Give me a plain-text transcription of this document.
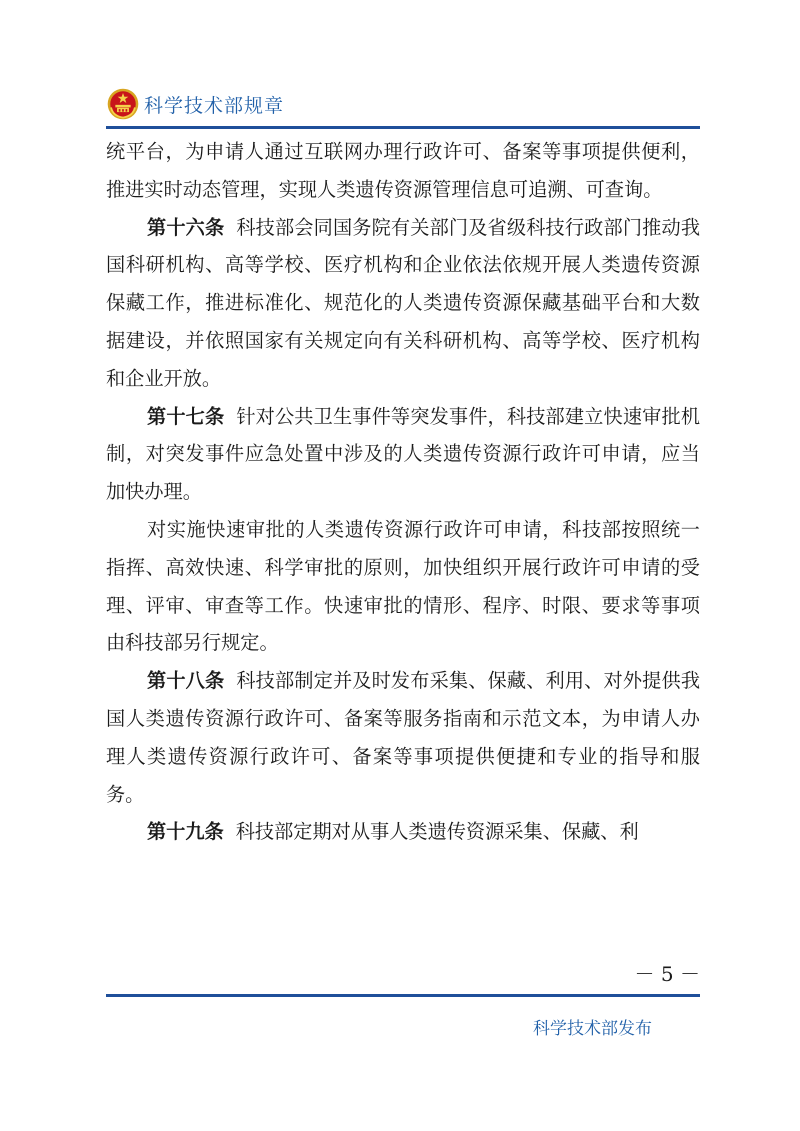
科学技术部规章

统平台，为申请人通过互联网办理行政许可、备案等事项提供便利，推进实时动态管理，实现人类遗传资源管理信息可追溯、可查询。

第十六条 科技部会同国务院有关部门及省级科技行政部门推动我国科研机构、高等学校、医疗机构和企业依法依规开展人类遗传资源保藏工作，推进标准化、规范化的人类遗传资源保藏基础平台和大数据建设，并依照国家有关规定向有关科研机构、高等学校、医疗机构和企业开放。

第十七条 针对公共卫生事件等突发事件，科技部建立快速审批机制，对突发事件应急处置中涉及的人类遗传资源行政许可申请，应当加快办理。

对实施快速审批的人类遗传资源行政许可申请，科技部按照统一指挥、高效快速、科学审批的原则，加快组织开展行政许可申请的受理、评审、审查等工作。快速审批的情形、程序、时限、要求等事项由科技部另行规定。

第十八条 科技部制定并及时发布采集、保藏、利用、对外提供我国人类遗传资源行政许可、备案等服务指南和示范文本，为申请人办理人类遗传资源行政许可、备案等事项提供便捷和专业的指导和服务。

第十九条 科技部定期对从事人类遗传资源采集、保藏、利

－ 5 －
科学技术部发布
